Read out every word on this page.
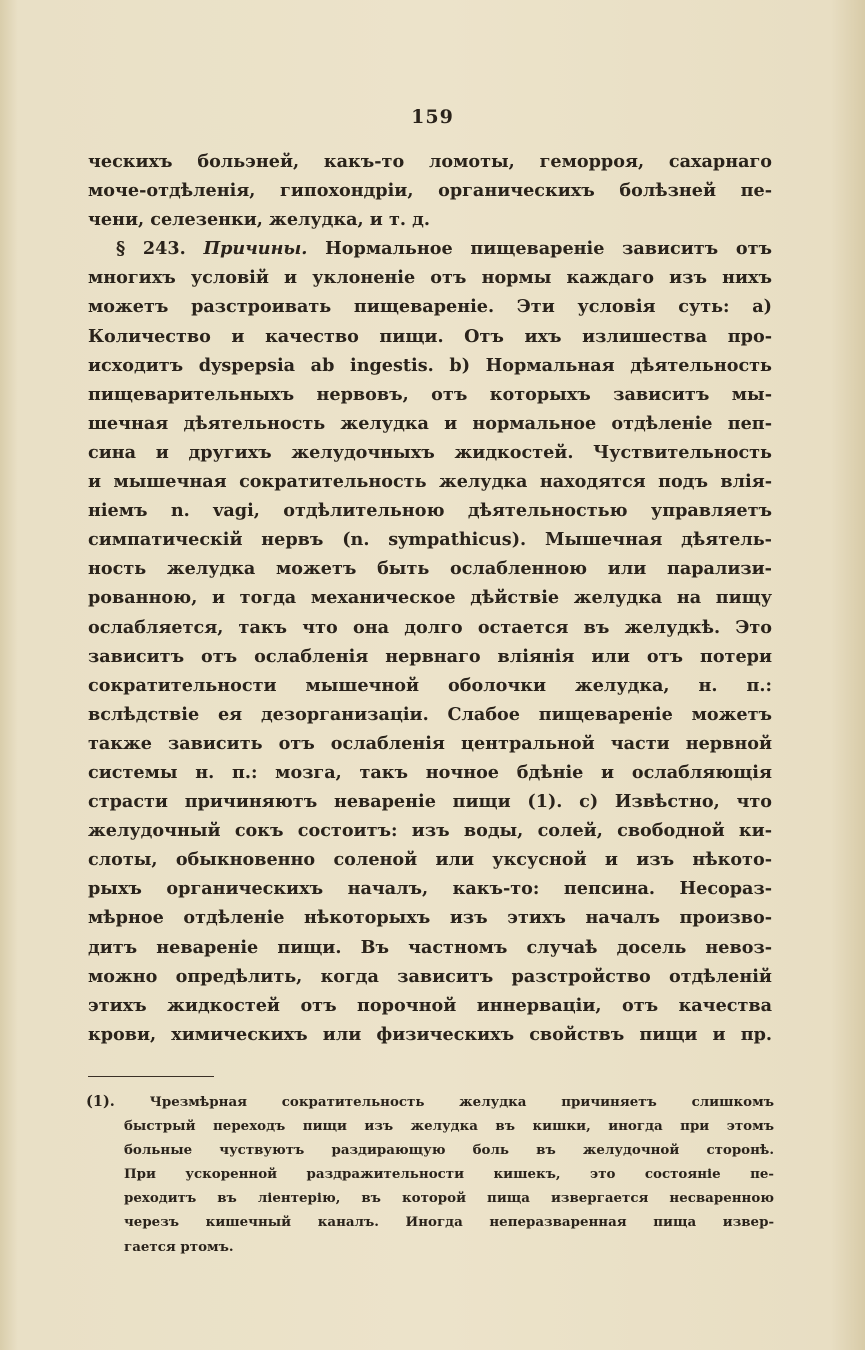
159
ческихъ больэней, какъ-то ломоты, геморроя, сахарнаго
моче-отдѣленія, гипохондріи, органическихъ болѣзней пе-
чени, селезенки, желудка, и т. д.
§ 243. Причины. Нормальное пищевареніе зависитъ отъ
многихъ условій и уклоненіе отъ нормы каждаго изъ нихъ
можетъ разстроивать пищевареніе. Эти условія суть: a)
Количество и качество пищи. Отъ ихъ излишества про-
исходитъ dyspepsia ab ingestis. b) Нормальная дѣятельность
пищеварительныхъ нервовъ, отъ которыхъ зависитъ мы-
шечная дѣятельность желудка и нормальное отдѣленіе пеп-
сина и другихъ желудочныхъ жидкостей. Чуствительность
и мышечная сократительность желудка находятся подъ влія-
ніемъ n. vagi, отдѣлительною дѣятельностью управляетъ
симпатическій нервъ (n. sympathicus). Мышечная дѣятель-
ность желудка можетъ быть ослабленною или парализи-
рованною, и тогда механическое дѣйствіе желудка на пищу
ослабляется, такъ что она долго остается въ желудкѣ. Это
зависитъ отъ ослабленія нервнаго вліянія или отъ потери
сократительности мышечной оболочки желудка, н. п.:
вслѣдствіе ея дезорганизаціи. Слабое пищевареніе можетъ
также зависить отъ ослабленія центральной части нервной
системы н. п.: мозга, такъ ночное бдѣніе и ослабляющія
страсти причиняютъ невареніе пищи (1). c) Извѣстно, что
желудочный сокъ состоитъ: изъ воды, солей, свободной ки-
слоты, обыкновенно соленой или уксусной и изъ нѣкото-
рыхъ органическихъ началъ, какъ-то: пепсина. Несораз-
мѣрное отдѣленіе нѣкоторыхъ изъ этихъ началъ произво-
дитъ невареніе пищи. Въ частномъ случаѣ досель невоз-
можно опредѣлить, когда зависитъ разстройство отдѣленій
этихъ жидкостей отъ порочной иннерваціи, отъ качества
крови, химическихъ или физическихъ свойствъ пищи и пр.
(1).	Чрезмѣрная сократительность желудка причиняетъ слишкомъ
быстрый переходъ пищи изъ желудка въ кишки, иногда при этомъ
больные чуствуютъ раздирающую боль въ желудочной сторонѣ.
При ускоренной раздражительности кишекъ, это состояніе пе-
реходитъ въ ліентерію, въ которой пища извергается несваренною
черезъ кишечный каналъ. Иногда неперазваренная пища извер-
гается ртомъ.
